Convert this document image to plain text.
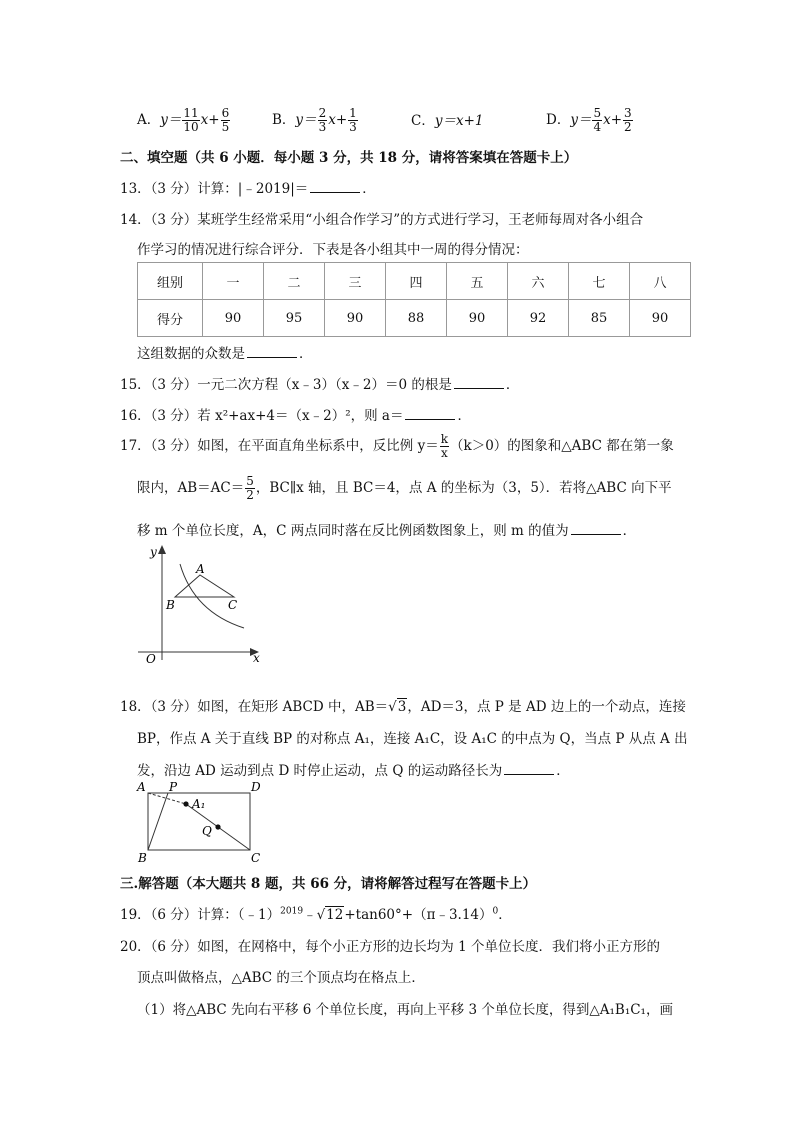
A．$y= \frac{11}{10} x+ \frac{6}{5}$	B．$y= \frac{2}{3} x+ \frac{1}{3}$	C．y＝x+1	D．$y= \frac{5}{4} x+ \frac{3}{2}$
二、填空题（共 6 小题．每小题 3 分，共 18 分，请将答案填在答题卡上）
13．（3 分）计算：|﹣2019|＝	．
14．（3 分）某班学生经常采用“小组合作学习”的方式进行学习，王老师每周对各小组合
作学习的情况进行综合评分．下表是各小组其中一周的得分情况：
组别	一	二	三	四	五	六	七	八
得分	90	95	90	88	90	92	85	90
这组数据的众数是	．
15．（3 分）一元二次方程（x﹣3）（x﹣2）＝0 的根是	．
16．（3 分）若 x²+ax+4＝（x﹣2）²，则 a＝	．
17．（3 分）如图，在平面直角坐标系中，反比例 $y= \frac{k}{x} (k>0)$的图象和△ABC 都在第一象
限内，$AB=AC= \frac{5}{2}$ ，BC∥x 轴，且 BC＝4，点 A 的坐标为（3，5）．若将△ABC 向下平
移 m 个单位长度，A，C 两点同时落在反比例函数图象上，则 m 的值为	．
y
x
O
A
B	C
18．（3 分）如图，在矩形 ABCD 中，AB＝√3，AD＝3，点 P 是 AD 边上的一个动点，连接
BP，作点 A 关于直线 BP 的对称点 A₁，连接 A₁C，设 A₁C 的中点为 Q，当点 P 从点 A 出
发，沿边 AD 运动到点 D 时停止运动，点 Q 的运动路径长为	．
A P	D
A₁
Q
B	C
三.解答题（本大题共 8 题，共 66 分，请将解答过程写在答题卡上）
19．（6 分）计算：（﹣1）$^{2019}$﹣√12+tan60°+（π﹣3.14）$^0$．
20．（6 分）如图，在网格中，每个小正方形的边长均为 1 个单位长度．我们将小正方形的
顶点叫做格点，△ABC 的三个顶点均在格点上．
（1）将△ABC 先向右平移 6 个单位长度，再向上平移 3 个单位长度，得到△A₁B₁C₁，画
